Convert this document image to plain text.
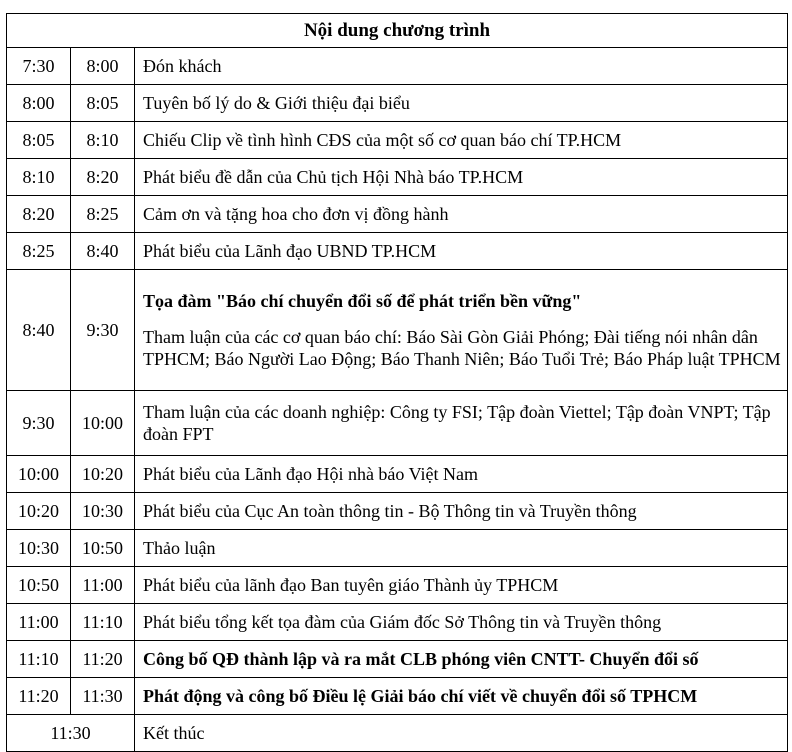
Nội dung chương trình		
7:30	8:00	Đón khách
8:00	8:05	Tuyên bố lý do & Giới thiệu đại biểu
8:05	8:10	Chiếu Clip về tình hình CĐS của một số cơ quan báo chí TP.HCM
8:10	8:20	Phát biểu đề dẫn của Chủ tịch Hội Nhà báo TP.HCM
8:20	8:25	Cảm ơn và tặng hoa cho đơn vị đồng hành
8:25	8:40	Phát biểu của Lãnh đạo UBND TP.HCM
8:40	9:30	Tọa đàm "Báo chí chuyển đổi số để phát triển bền vững"
Tham luận của các cơ quan báo chí: Báo Sài Gòn Giải Phóng; Đài tiếng nói nhân dân TPHCM; Báo Người Lao Động; Báo Thanh Niên; Báo Tuổi Trẻ; Báo Pháp luật TPHCM

9:30	10:00	Tham luận của các doanh nghiệp: Công ty FSI; Tập đoàn Viettel; Tập đoàn VNPT; Tập đoàn FPT
10:00	10:20	Phát biểu của Lãnh đạo Hội nhà báo Việt Nam
10:20	10:30	Phát biểu của Cục An toàn thông tin - Bộ Thông tin và Truyền thông
10:30	10:50	Thảo luận
10:50	11:00	Phát biểu của lãnh đạo Ban tuyên giáo Thành ủy TPHCM
11:00	11:10	Phát biểu tổng kết tọa đàm của Giám đốc Sở Thông tin và Truyền thông
11:10	11:20	Công bố QĐ thành lập và ra mắt CLB phóng viên CNTT- Chuyển đổi số
11:20	11:30	Phát động và công bố Điều lệ Giải báo chí viết về chuyển đổi số TPHCM
11:30		Kết thúc
